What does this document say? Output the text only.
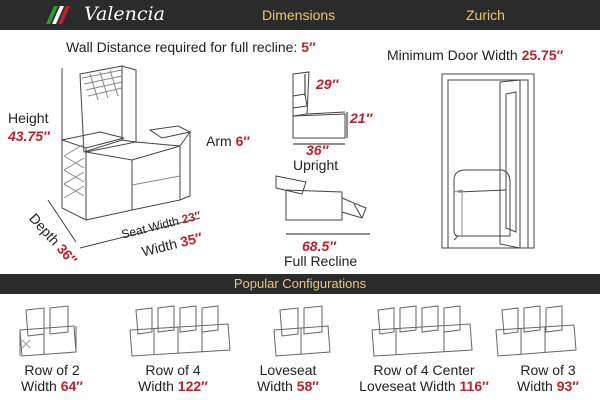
Valencia	Dimensions	Zurich
Wall Distance required for full recline: 5″
Height
43.75″	Arm 6″
Depth 36″
Seat Width 23″
Width 35″
29″
21″
36″
Upright
68.5″
Full Recline
Minimum Door Width 25.75″
Popular Configurations
Row of 2
Width 64″
Row of 4
Width 122″
Loveseat
Width 58″
Row of 4 Center
Loveseat Width 116″
Row of 3
Width 93″
